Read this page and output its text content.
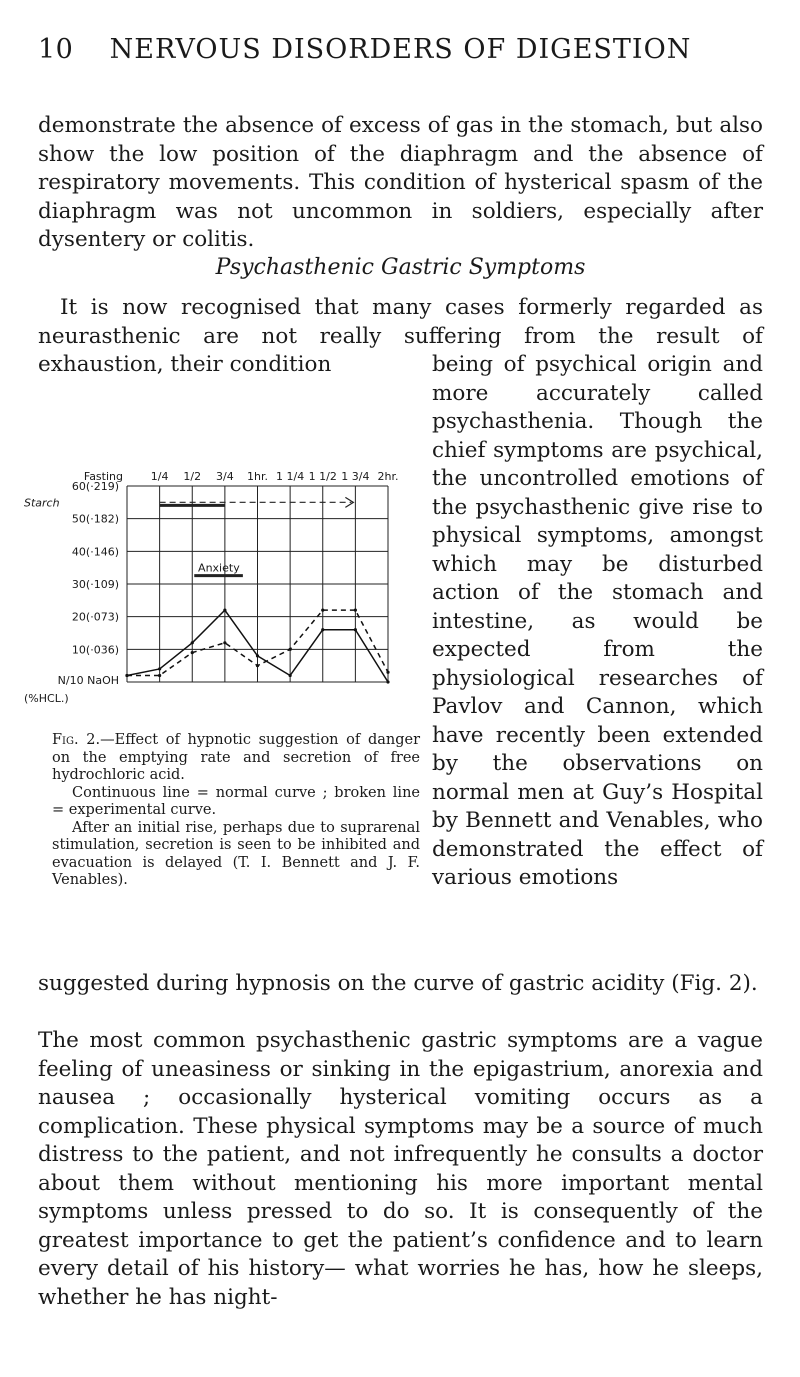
10	NERVOUS DISORDERS OF DIGESTION
demonstrate the absence of excess of gas in the stomach, but also show the low position of the diaphragm and the absence of respiratory movements. This condition of hysterical spasm of the diaphragm was not uncommon in soldiers, especially after dysentery or colitis.
Psychasthenic Gastric Symptoms
It is now recognised that many cases formerly regarded as neurasthenic are not really suffering from the result of exhaustion, their condition	being of psychical origin and more accurately called psychasthenia. Though the chief symptoms are psychical, the uncontrolled emotions of the psychasthenic give rise to physical symptoms, amongst which may be disturbed action of the stomach and intestine, as would be expected from the physiological researches of Pavlov and Cannon, which have recently been extended by the observations on normal men at Guy’s Hospital by Bennett and Venables, who demonstrated the effect of various emotions
Fasting	1/4 1/2 3/4 1hr. 1 1/4 1 1/2 1 3/4 2hr.
60(·219)
50(·182)
40(·146)
30(·109)
20(·073)
10(·036)
N/10 NaOH
(%HCL.)
Starch
Anxiety

Fig. 2.—Effect of hypnotic suggestion of danger on the emptying rate and secretion of free hydrochloric acid.

Continuous line = normal curve ; broken line = experimental curve.

After an initial rise, perhaps due to suprarenal stimulation, secretion is seen to be inhibited and evacuation is delayed (T. I. Bennett and J. F. Venables).

suggested during hypnosis on the curve of gastric acidity (Fig. 2).
The most common psychasthenic gastric symptoms are a vague feeling of uneasiness or sinking in the epigastrium, anorexia and nausea ; occasionally hysterical vomiting occurs as a complication. These physical symptoms may be a source of much distress to the patient, and not infrequently he consults a doctor about them without mentioning his more important mental symptoms unless pressed to do so. It is consequently of the greatest importance to get the patient’s confidence and to learn every detail of his history— what worries he has, how he sleeps, whether he has night-
